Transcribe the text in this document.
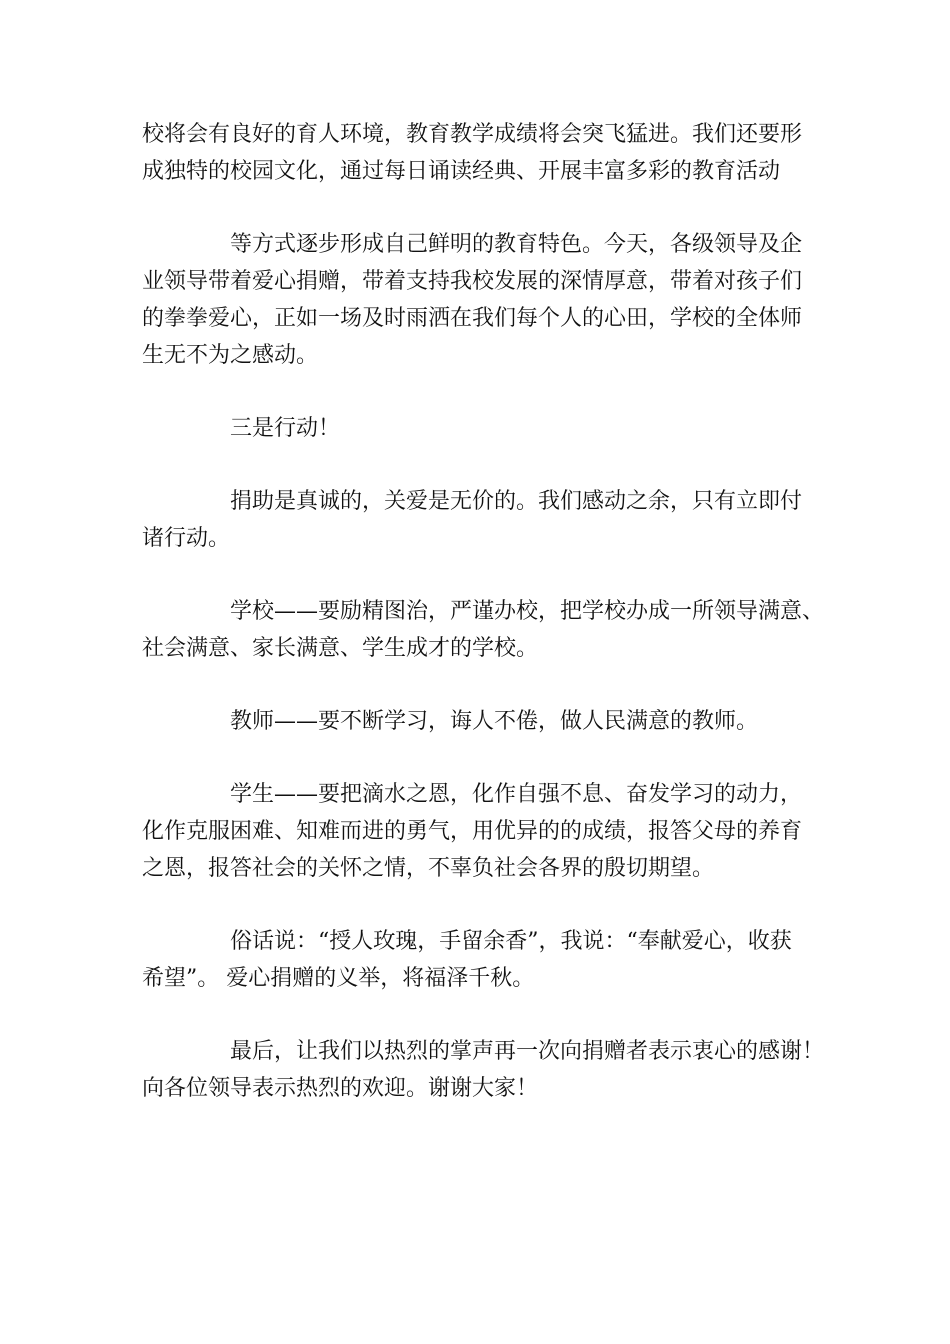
校将会有良好的育人环境，教育教学成绩将会突飞猛进。我们还要形
成独特的校园文化，通过每日诵读经典、开展丰富多彩的教育活动

等方式逐步形成自己鲜明的教育特色。今天，各级领导及企
业领导带着爱心捐赠，带着支持我校发展的深情厚意，带着对孩子们
的拳拳爱心，正如一场及时雨洒在我们每个人的心田，学校的全体师
生无不为之感动。

三是行动！

捐助是真诚的，关爱是无价的。我们感动之余，只有立即付
诸行动。

学校——要励精图治，严谨办校，把学校办成一所领导满意、
社会满意、家长满意、学生成才的学校。

教师——要不断学习，诲人不倦，做人民满意的教师。

学生——要把滴水之恩，化作自强不息、奋发学习的动力，
化作克服困难、知难而进的勇气，用优异的的成绩，报答父母的养育
之恩，报答社会的关怀之情，不辜负社会各界的殷切期望。

俗话说：“授人玫瑰，手留余香”，我说：“奉献爱心，收获
希望”。 爱心捐赠的义举，将福泽千秋。

最后，让我们以热烈的掌声再一次向捐赠者表示衷心的感谢！
向各位领导表示热烈的欢迎。谢谢大家！
